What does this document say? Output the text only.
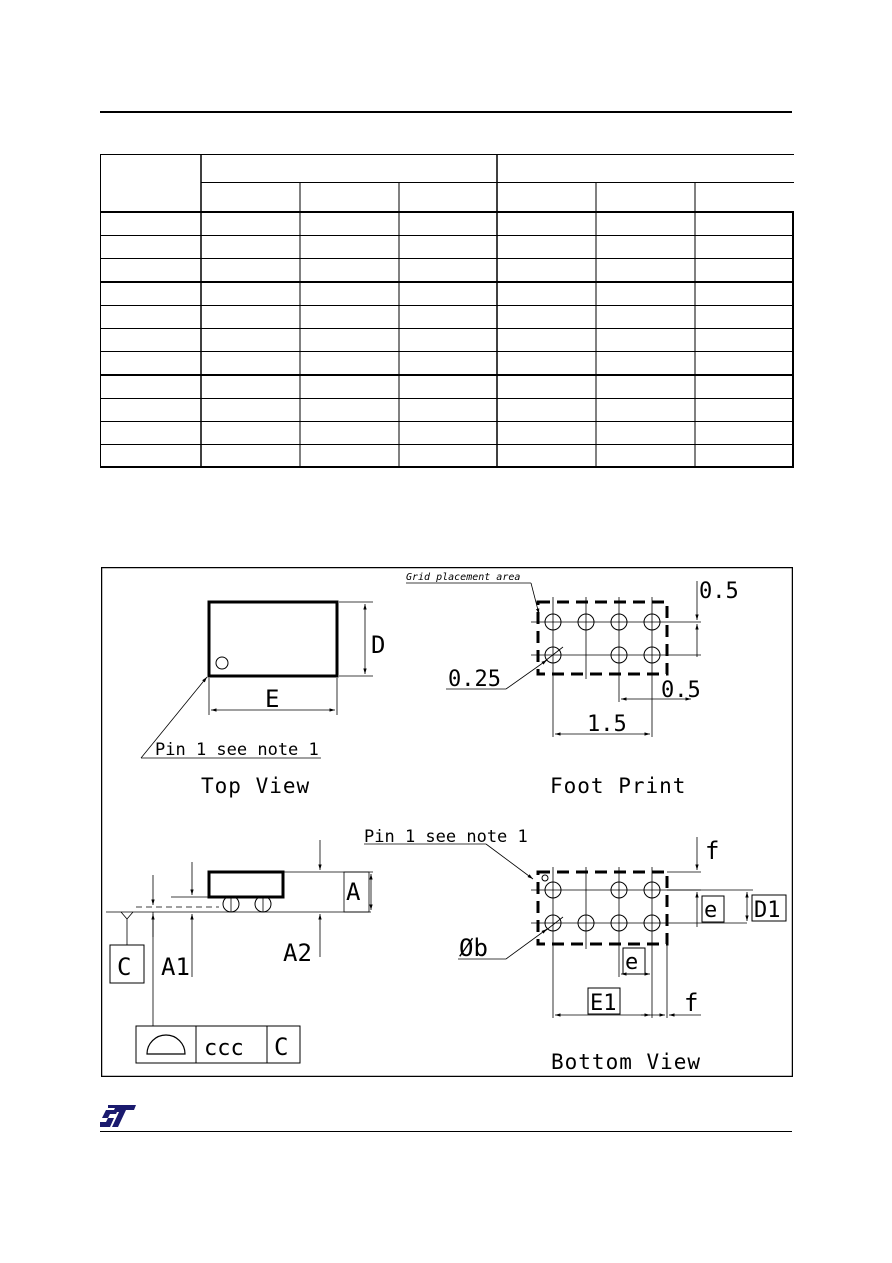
D
E
Pin 1 see note 1
Top View
Grid placement area
0.5
0.25	0.5
1.5
Foot Print
A
A2
A1
C
ccc C
Pin 1 see note 1	f
e D1
Øb
e
E1	f
Bottom View
